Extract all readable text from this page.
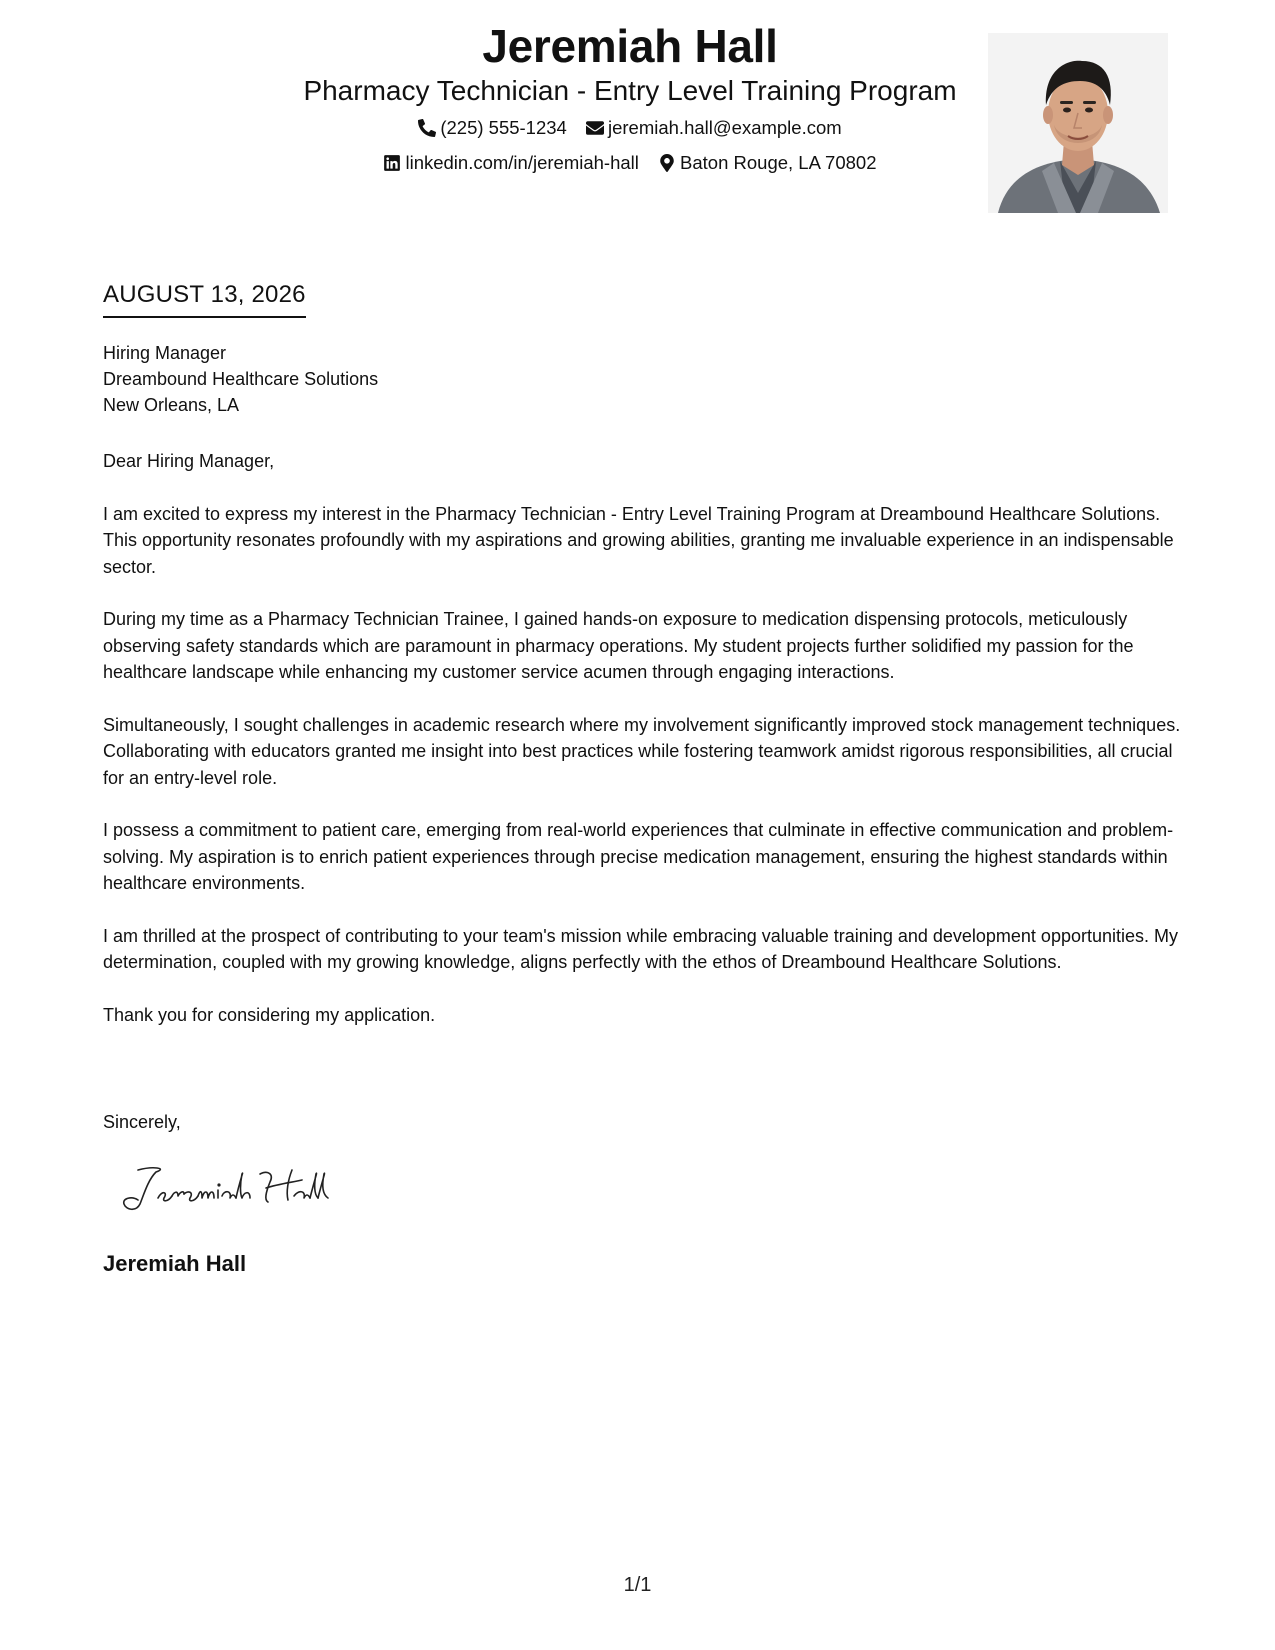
Jeremiah Hall
Pharmacy Technician - Entry Level Training Program
(225) 555-1234
jeremiah.hall@example.com
linkedin.com/in/jeremiah-hall
Baton Rouge, LA 70802
AUGUST 13, 2026
Hiring Manager
Dreambound Healthcare Solutions
New Orleans, LA

Dear Hiring Manager,

I am excited to express my interest in the Pharmacy Technician - Entry Level Training Program at Dreambound Healthcare Solutions. This opportunity resonates profoundly with my aspirations and growing abilities, granting me invaluable experience in an indispensable sector.

During my time as a Pharmacy Technician Trainee, I gained hands-on exposure to medication dispensing protocols, meticulously observing safety standards which are paramount in pharmacy operations. My student projects further solidified my passion for the healthcare landscape while enhancing my customer service acumen through engaging interactions.

Simultaneously, I sought challenges in academic research where my involvement significantly improved stock management techniques. Collaborating with educators granted me insight into best practices while fostering teamwork amidst rigorous responsibilities, all crucial for an entry-level role.

I possess a commitment to patient care, emerging from real-world experiences that culminate in effective communication and problem-solving. My aspiration is to enrich patient experiences through precise medication management, ensuring the highest standards within healthcare environments.

I am thrilled at the prospect of contributing to your team's mission while embracing valuable training and development opportunities. My determination, coupled with my growing knowledge, aligns perfectly with the ethos of Dreambound Healthcare Solutions.

Thank you for considering my application.

Sincerely,
Jeremiah Hall
1/1
